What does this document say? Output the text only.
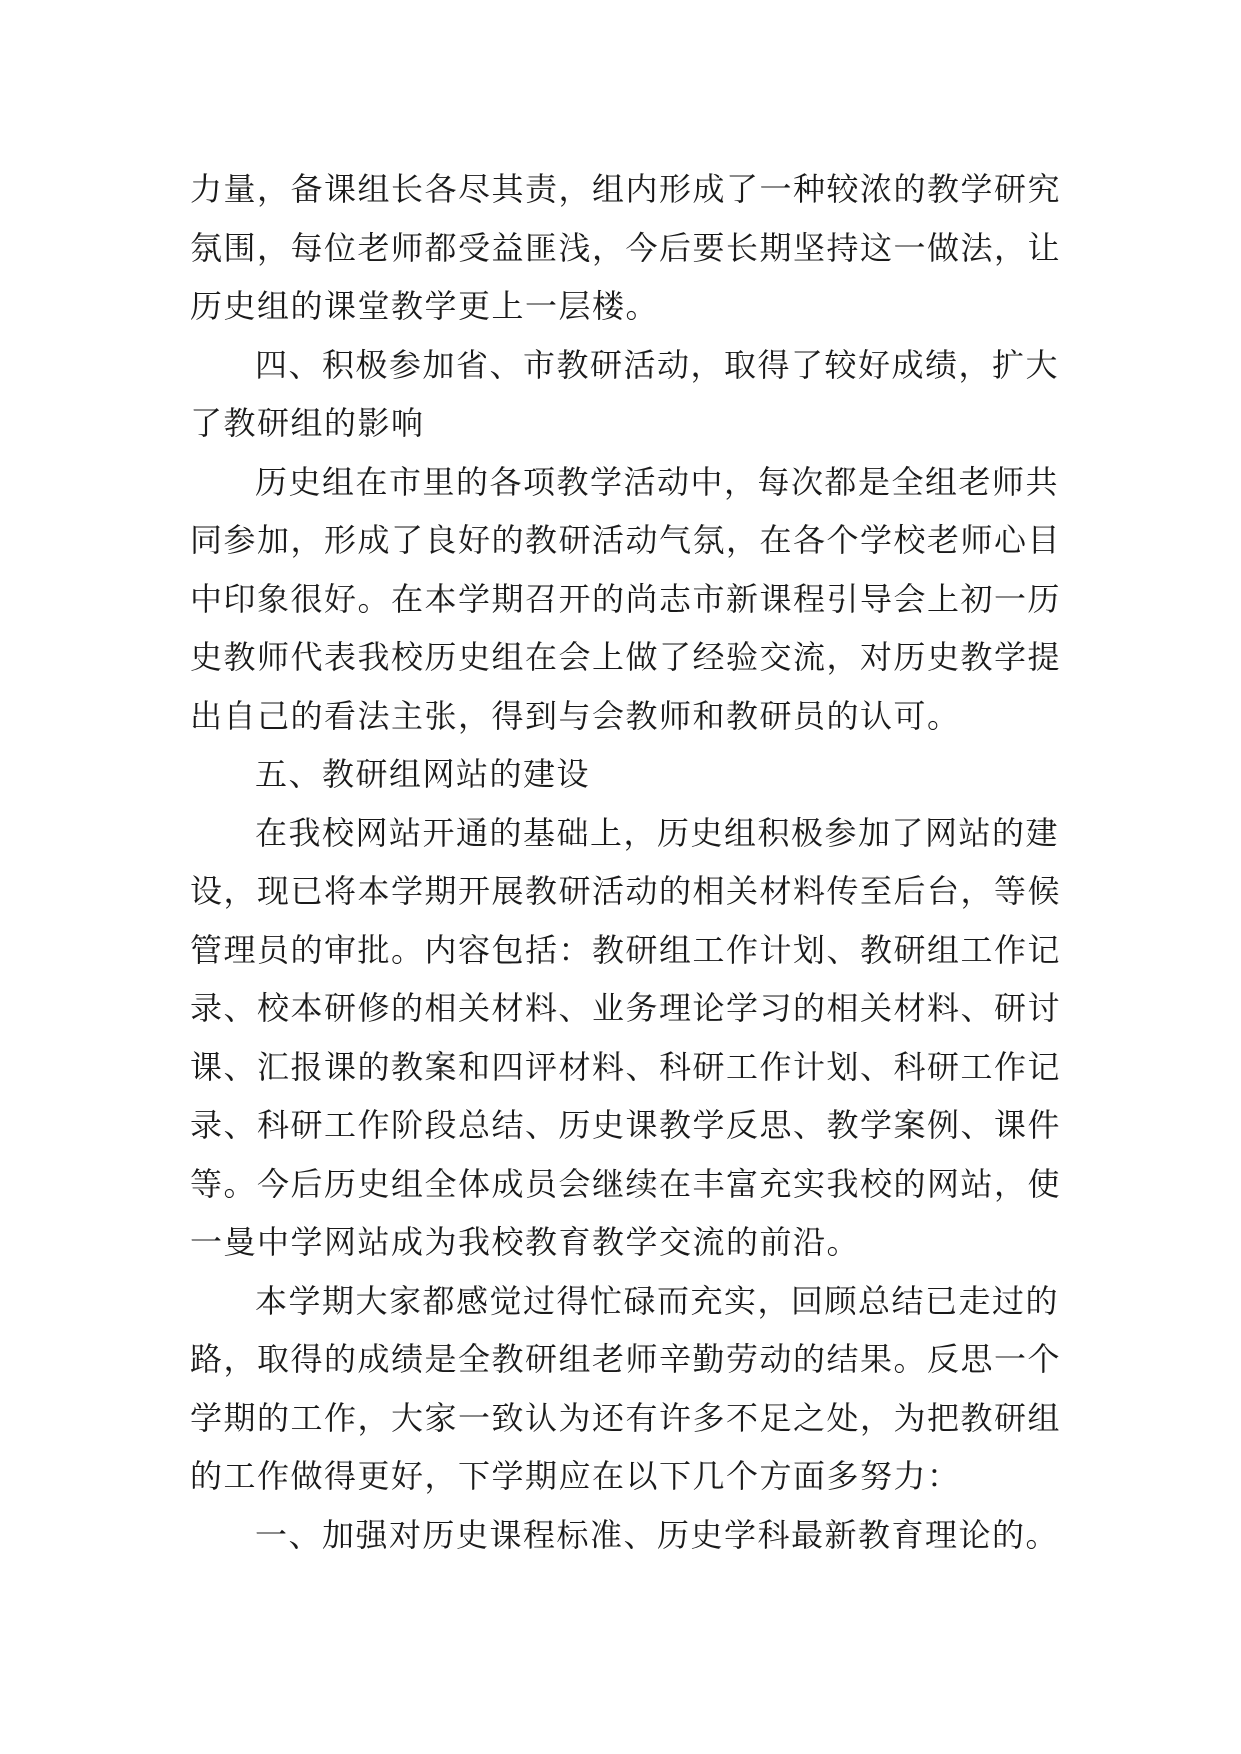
力量，备课组长各尽其责，组内形成了一种较浓的教学研究
氛围，每位老师都受益匪浅，今后要长期坚持这一做法，让
历史组的课堂教学更上一层楼。
四、积极参加省、市教研活动，取得了较好成绩，扩大
了教研组的影响
历史组在市里的各项教学活动中，每次都是全组老师共
同参加，形成了良好的教研活动气氛，在各个学校老师心目
中印象很好。在本学期召开的尚志市新课程引导会上初一历
史教师代表我校历史组在会上做了经验交流，对历史教学提
出自己的看法主张，得到与会教师和教研员的认可。
五、教研组网站的建设
在我校网站开通的基础上，历史组积极参加了网站的建
设，现已将本学期开展教研活动的相关材料传至后台，等候
管理员的审批。内容包括：教研组工作计划、教研组工作记
录、校本研修的相关材料、业务理论学习的相关材料、研讨
课、汇报课的教案和四评材料、科研工作计划、科研工作记
录、科研工作阶段总结、历史课教学反思、教学案例、课件
等。今后历史组全体成员会继续在丰富充实我校的网站，使
一曼中学网站成为我校教育教学交流的前沿。
本学期大家都感觉过得忙碌而充实，回顾总结已走过的
路，取得的成绩是全教研组老师辛勤劳动的结果。反思一个
学期的工作，大家一致认为还有许多不足之处，为把教研组
的工作做得更好，下学期应在以下几个方面多努力：
一、加强对历史课程标准、历史学科最新教育理论的。
